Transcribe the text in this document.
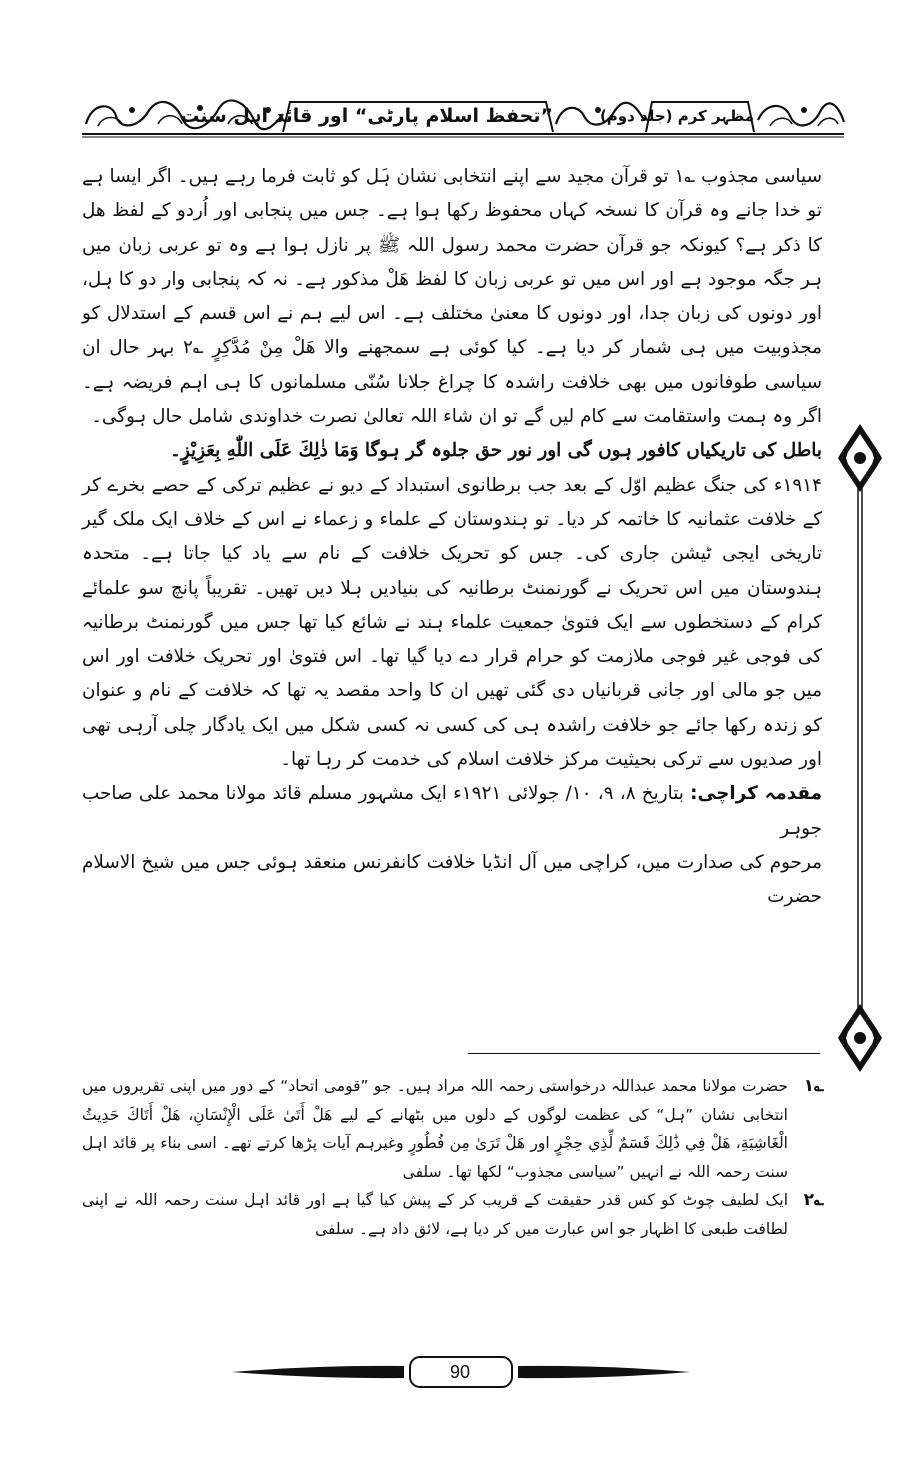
”تحفظ اسلام پارٹی“ اور قائد اہل سنت	مظہر کرم (جلد دوم)

سیاسی مجذوب ؎۱ تو قرآن مجید سے اپنے انتخابی نشان ہَل کو ثابت فرما رہے ہیں۔ اگر ایسا ہے تو خدا جانے وہ قرآن کا نسخہ کہاں محفوظ رکھا ہوا ہے۔ جس میں پنجابی اور اُردو کے لفظ ھل کا ذکر ہے؟ کیونکہ جو قرآن حضرت محمد رسول اللہ ﷺ پر نازل ہوا ہے وہ تو عربی زبان میں ہر جگہ موجود ہے اور اس میں تو عربی زبان کا لفظ ھَلْ مذکور ہے۔ نہ کہ پنجابی وار دو کا ہل، اور دونوں کی زبان جدا، اور دونوں کا معنیٰ مختلف ہے۔ اس لیے ہم نے اس قسم کے استدلال کو مجذوبیت میں ہی شمار کر دیا ہے۔ کیا کوئی ہے سمجھنے والا ھَلْ مِنْ مُدَّكِرٍ ؎۲ بہر حال ان سیاسی طوفانوں میں بھی خلافت راشدہ کا چراغ جلانا سُنّی مسلمانوں کا ہی اہم فریضہ ہے۔ اگر وہ ہمت واستقامت سے کام لیں گے تو ان شاء اللہ تعالیٰ نصرت خداوندی شامل حال ہوگی۔

باطل کی تاریکیاں کافور ہوں گی اور نور حق جلوہ گر ہوگا وَمَا ذٰلِكَ عَلَى اللّٰهِ بِعَزِيْزٍ۔

۱۹۱۴ء کی جنگ عظیم اوّل کے بعد جب برطانوی استبداد کے دیو نے عظیم ترکی کے حصے بخرے کر کے خلافت عثمانیہ کا خاتمہ کر دیا۔ تو ہندوستان کے علماء و زعماء نے اس کے خلاف ایک ملک گیر تاریخی ایجی ٹیشن جاری کی۔ جس کو تحریک خلافت کے نام سے یاد کیا جاتا ہے۔ متحدہ ہندوستان میں اس تحریک نے گورنمنٹ برطانیہ کی بنیادیں ہلا دیں تھیں۔ تقریباً پانچ سو علمائے کرام کے دستخطوں سے ایک فتویٰ جمعیت علماء ہند نے شائع کیا تھا جس میں گورنمنٹ برطانیہ کی فوجی غیر فوجی ملازمت کو حرام قرار دے دیا گیا تھا۔ اس فتویٰ اور تحریک خلافت اور اس میں جو مالی اور جانی قربانیاں دی گئی تھیں ان کا واحد مقصد یہ تھا کہ خلافت کے نام و عنوان کو زندہ رکھا جائے جو خلافت راشدہ ہی کی کسی نہ کسی شکل میں ایک یادگار چلی آرہی تھی اور صدیوں سے ترکی بحیثیت مرکز خلافت اسلام کی خدمت کر رہا تھا۔

مقدمہ کراچی: بتاریخ ۸، ۹، ۱۰/ جولائی ۱۹۲۱ء ایک مشہور مسلم قائد مولانا محمد علی صاحب جوہر

مرحوم کی صدارت میں، کراچی میں آل انڈیا خلافت کانفرنس منعقد ہوئی جس میں شیخ الاسلام حضرت

؎۱
حضرت مولانا محمد عبداللہ درخواستی رحمہ اللہ مراد ہیں۔ جو ”قومی اتحاد“ کے دور میں اپنی تقریروں میں انتخابی نشان ”ہل“ کی عظمت لوگوں کے دلوں میں بٹھانے کے لیے هَلْ أَتَىٰ عَلَى الْإِنْسَانِ، هَلْ أَتَاكَ حَدِيثُ الْغَاشِيَةِ، هَلْ فِي ذَٰلِكَ قَسَمٌ لِّذِي حِجْرٍ اور هَلْ تَرَىٰ مِن فُطُورٍ وغیرہم آیات پڑھا کرتے تھے۔ اسی بناء پر قائد اہل سنت رحمہ اللہ نے انہیں ”سیاسی مجذوب“ لکھا تھا۔ سلفی
؎۲
ایک لطیف چوٹ کو کس قدر حقیقت کے قریب کر کے پیش کیا گیا ہے اور قائد اہل سنت رحمہ اللہ نے اپنی لطافت طبعی کا اظہار جو اس عبارت میں کر دیا ہے، لائق داد ہے۔ سلفی
90
